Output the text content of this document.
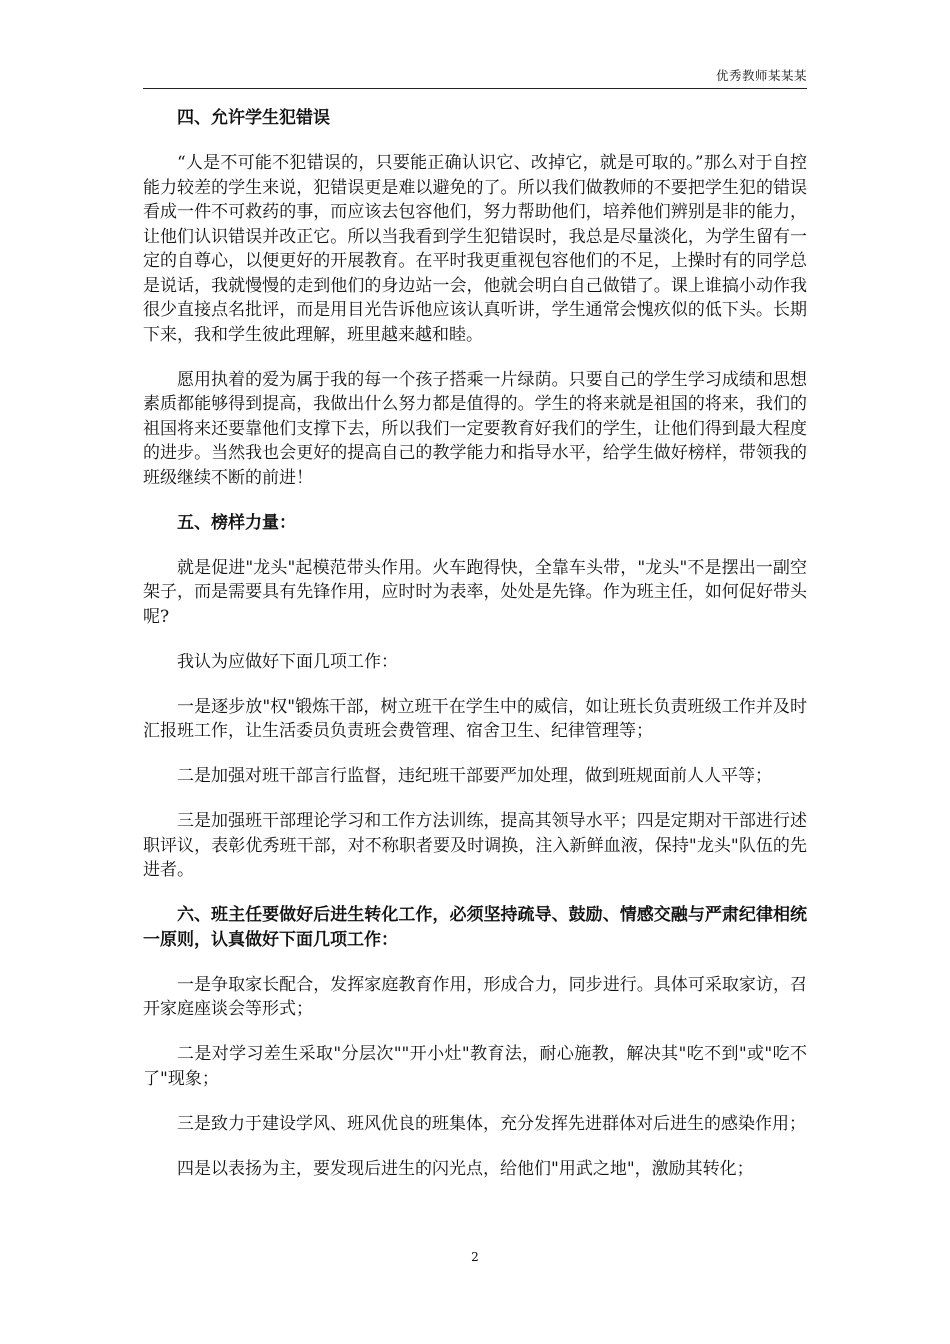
优秀教师某某某

四、允许学生犯错误

“人是不可能不犯错误的，只要能正确认识它、改掉它，就是可取的。”那么对于自控能力较差的学生来说，犯错误更是难以避免的了。所以我们做教师的不要把学生犯的错误看成一件不可救药的事，而应该去包容他们，努力帮助他们，培养他们辨别是非的能力，让他们认识错误并改正它。所以当我看到学生犯错误时，我总是尽量淡化，为学生留有一定的自尊心，以便更好的开展教育。在平时我更重视包容他们的不足，上操时有的同学总是说话，我就慢慢的走到他们的身边站一会，他就会明白自己做错了。课上谁搞小动作我很少直接点名批评，而是用目光告诉他应该认真听讲，学生通常会愧疚似的低下头。长期下来，我和学生彼此理解，班里越来越和睦。

愿用执着的爱为属于我的每一个孩子搭乘一片绿荫。只要自己的学生学习成绩和思想素质都能够得到提高，我做出什么努力都是值得的。学生的将来就是祖国的将来，我们的祖国将来还要靠他们支撑下去，所以我们一定要教育好我们的学生，让他们得到最大程度的进步。当然我也会更好的提高自己的教学能力和指导水平，给学生做好榜样，带领我的班级继续不断的前进！

五、榜样力量：

就是促进"龙头"起模范带头作用。火车跑得快，全靠车头带，"龙头"不是摆出一副空架子，而是需要具有先锋作用，应时时为表率，处处是先锋。作为班主任，如何促好带头呢?

我认为应做好下面几项工作：

一是逐步放"权"锻炼干部，树立班干在学生中的威信，如让班长负责班级工作并及时汇报班工作，让生活委员负责班会费管理、宿舍卫生、纪律管理等；

二是加强对班干部言行监督，违纪班干部要严加处理，做到班规面前人人平等；

三是加强班干部理论学习和工作方法训练，提高其领导水平；四是定期对干部进行述职评议，表彰优秀班干部，对不称职者要及时调换，注入新鲜血液，保持"龙头"队伍的先进者。

六、班主任要做好后进生转化工作，必须坚持疏导、鼓励、情感交融与严肃纪律相统一原则，认真做好下面几项工作：

一是争取家长配合，发挥家庭教育作用，形成合力，同步进行。具体可采取家访，召开家庭座谈会等形式；

二是对学习差生采取"分层次""开小灶"教育法，耐心施教，解决其"吃不到"或"吃不了"现象；

三是致力于建设学风、班风优良的班集体，充分发挥先进群体对后进生的感染作用；

四是以表扬为主，要发现后进生的闪光点，给他们"用武之地"，激励其转化；

2
